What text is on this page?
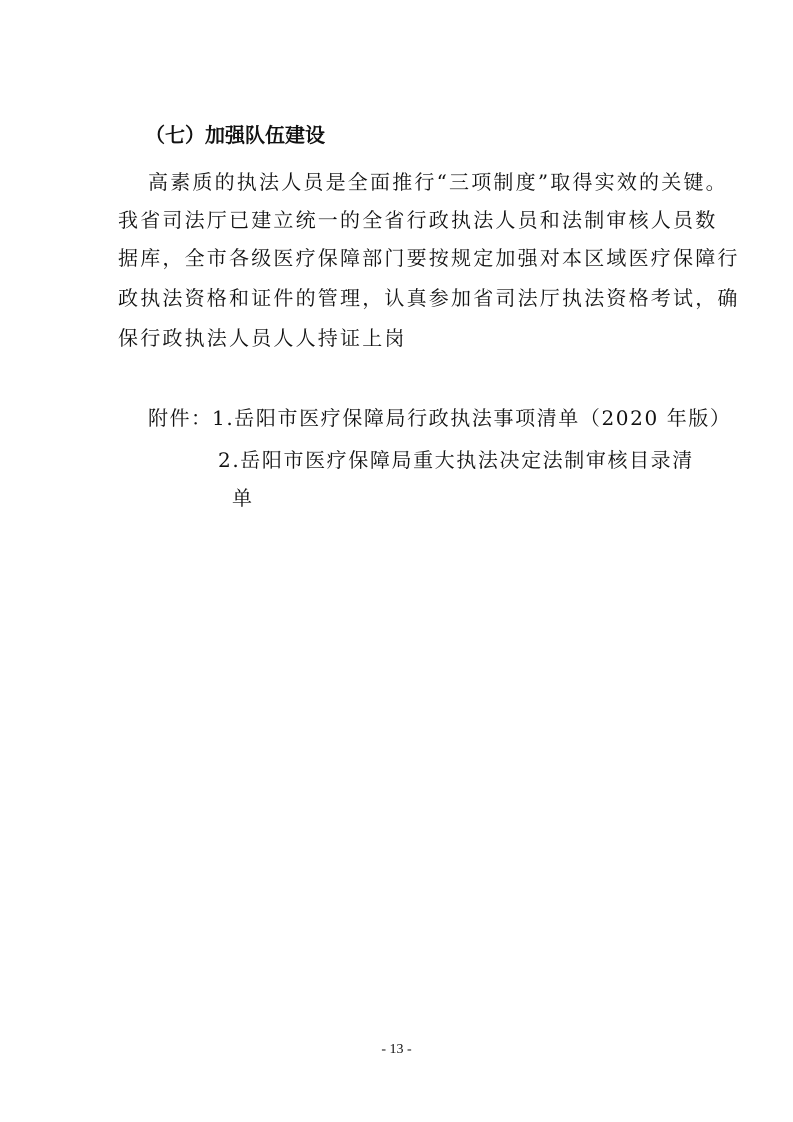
（七）加强队伍建设
高素质的执法人员是全面推行“三项制度”取得实效的关键。
我省司法厅已建立统一的全省行政执法人员和法制审核人员数
据库，全市各级医疗保障部门要按规定加强对本区域医疗保障行
政执法资格和证件的管理，认真参加省司法厅执法资格考试，确
保行政执法人员人人持证上岗
附件： 1.岳阳市医疗保障局行政执法事项清单（2020 年版）
2.岳阳市医疗保障局重大执法决定法制审核目录清
单
- 13 -
